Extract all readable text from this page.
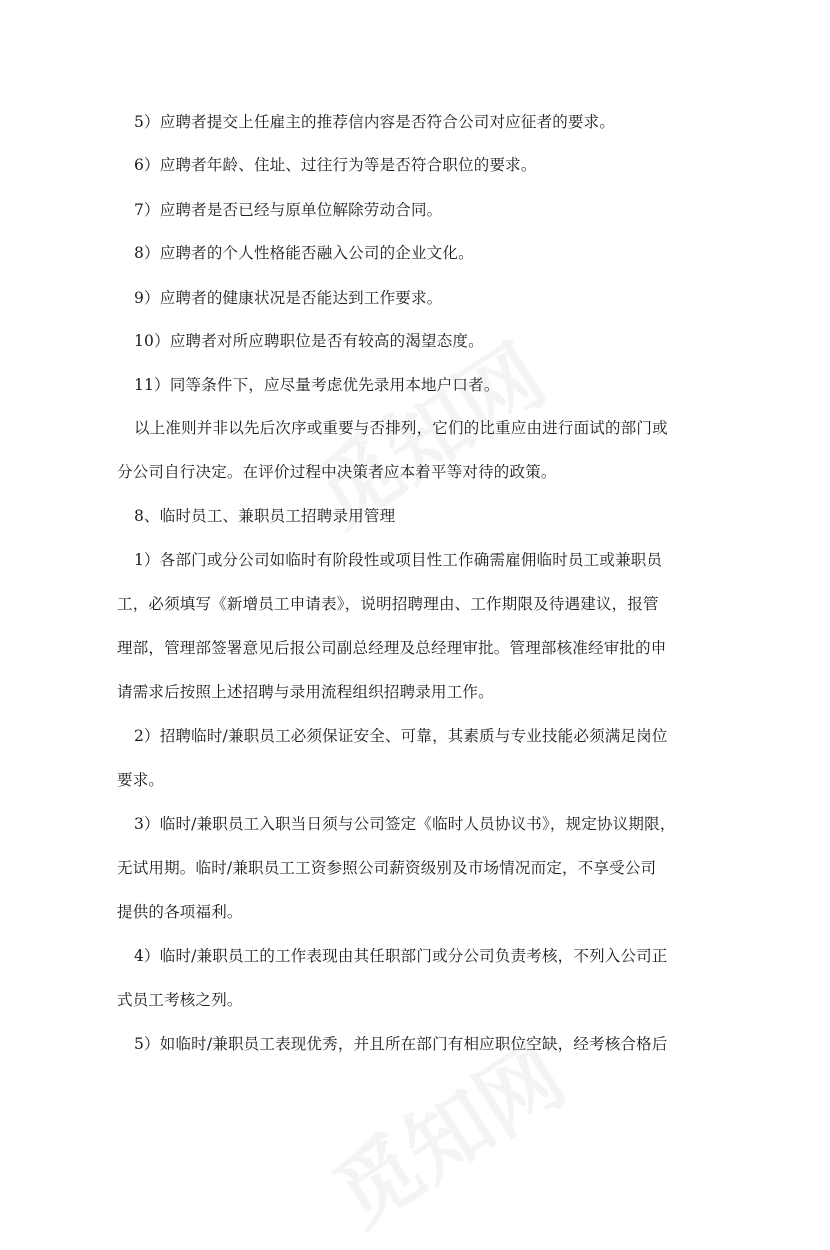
5）应聘者提交上任雇主的推荐信内容是否符合公司对应征者的要求。
6）应聘者年龄、住址、过往行为等是否符合职位的要求。
7）应聘者是否已经与原单位解除劳动合同。
8）应聘者的个人性格能否融入公司的企业文化。
9）应聘者的健康状况是否能达到工作要求。
10）应聘者对所应聘职位是否有较高的渴望态度。
11）同等条件下，应尽量考虑优先录用本地户口者。
以上准则并非以先后次序或重要与否排列，它们的比重应由进行面试的部门或
分公司自行决定。在评价过程中决策者应本着平等对待的政策。
8、临时员工、兼职员工招聘录用管理
1）各部门或分公司如临时有阶段性或项目性工作确需雇佣临时员工或兼职员
工，必须填写《新增员工申请表》，说明招聘理由、工作期限及待遇建议，报管
理部，管理部签署意见后报公司副总经理及总经理审批。管理部核准经审批的申
请需求后按照上述招聘与录用流程组织招聘录用工作。
2）招聘临时/兼职员工必须保证安全、可靠，其素质与专业技能必须满足岗位
要求。
3）临时/兼职员工入职当日须与公司签定《临时人员协议书》，规定协议期限，
无试用期。临时/兼职员工工资参照公司薪资级别及市场情况而定，不享受公司
提供的各项福利。
4）临时/兼职员工的工作表现由其任职部门或分公司负责考核，不列入公司正
式员工考核之列。
5）如临时/兼职员工表现优秀，并且所在部门有相应职位空缺，经考核合格后
